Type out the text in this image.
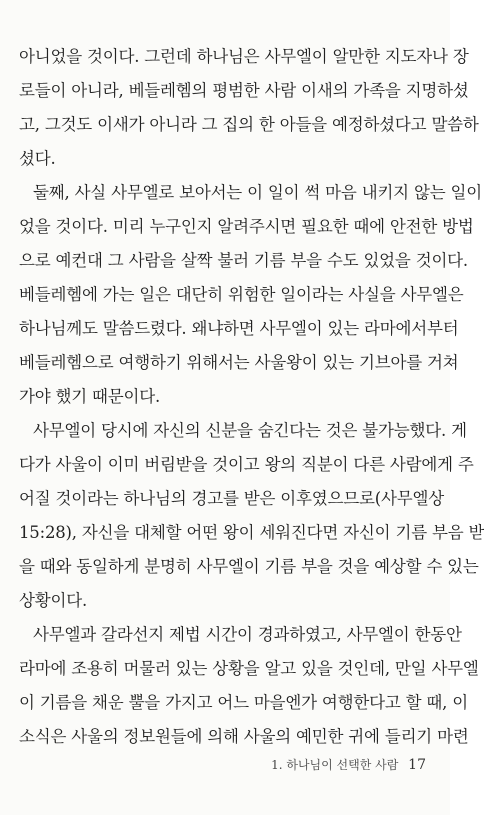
아니었을 것이다. 그런데 하나님은 사무엘이 알만한 지도자나 장
로들이 아니라, 베들레헴의 평범한 사람 이새의 가족을 지명하셨
고, 그것도 이새가 아니라 그 집의 한 아들을 예정하셨다고 말씀하
셨다.
둘째, 사실 사무엘로 보아서는 이 일이 썩 마음 내키지 않는 일이
었을 것이다. 미리 누구인지 알려주시면 필요한 때에 안전한 방법
으로 예컨대 그 사람을 살짝 불러 기름 부을 수도 있었을 것이다.
베들레헴에 가는 일은 대단히 위험한 일이라는 사실을 사무엘은
하나님께도 말씀드렸다. 왜냐하면 사무엘이 있는 라마에서부터
베들레헴으로 여행하기 위해서는 사울왕이 있는 기브아를 거쳐
가야 했기 때문이다.
사무엘이 당시에 자신의 신분을 숨긴다는 것은 불가능했다. 게
다가 사울이 이미 버림받을 것이고 왕의 직분이 다른 사람에게 주
어질 것이라는 하나님의 경고를 받은 이후였으므로(사무엘상
15:28), 자신을 대체할 어떤 왕이 세워진다면 자신이 기름 부음 받
을 때와 동일하게 분명히 사무엘이 기름 부을 것을 예상할 수 있는
상황이다.
사무엘과 갈라선지 제법 시간이 경과하였고, 사무엘이 한동안
라마에 조용히 머물러 있는 상황을 알고 있을 것인데, 만일 사무엘
이 기름을 채운 뿔을 가지고 어느 마을엔가 여행한다고 할 때, 이
소식은 사울의 정보원들에 의해 사울의 예민한 귀에 들리기 마련
1. 하나님이 선택한 사람 17
